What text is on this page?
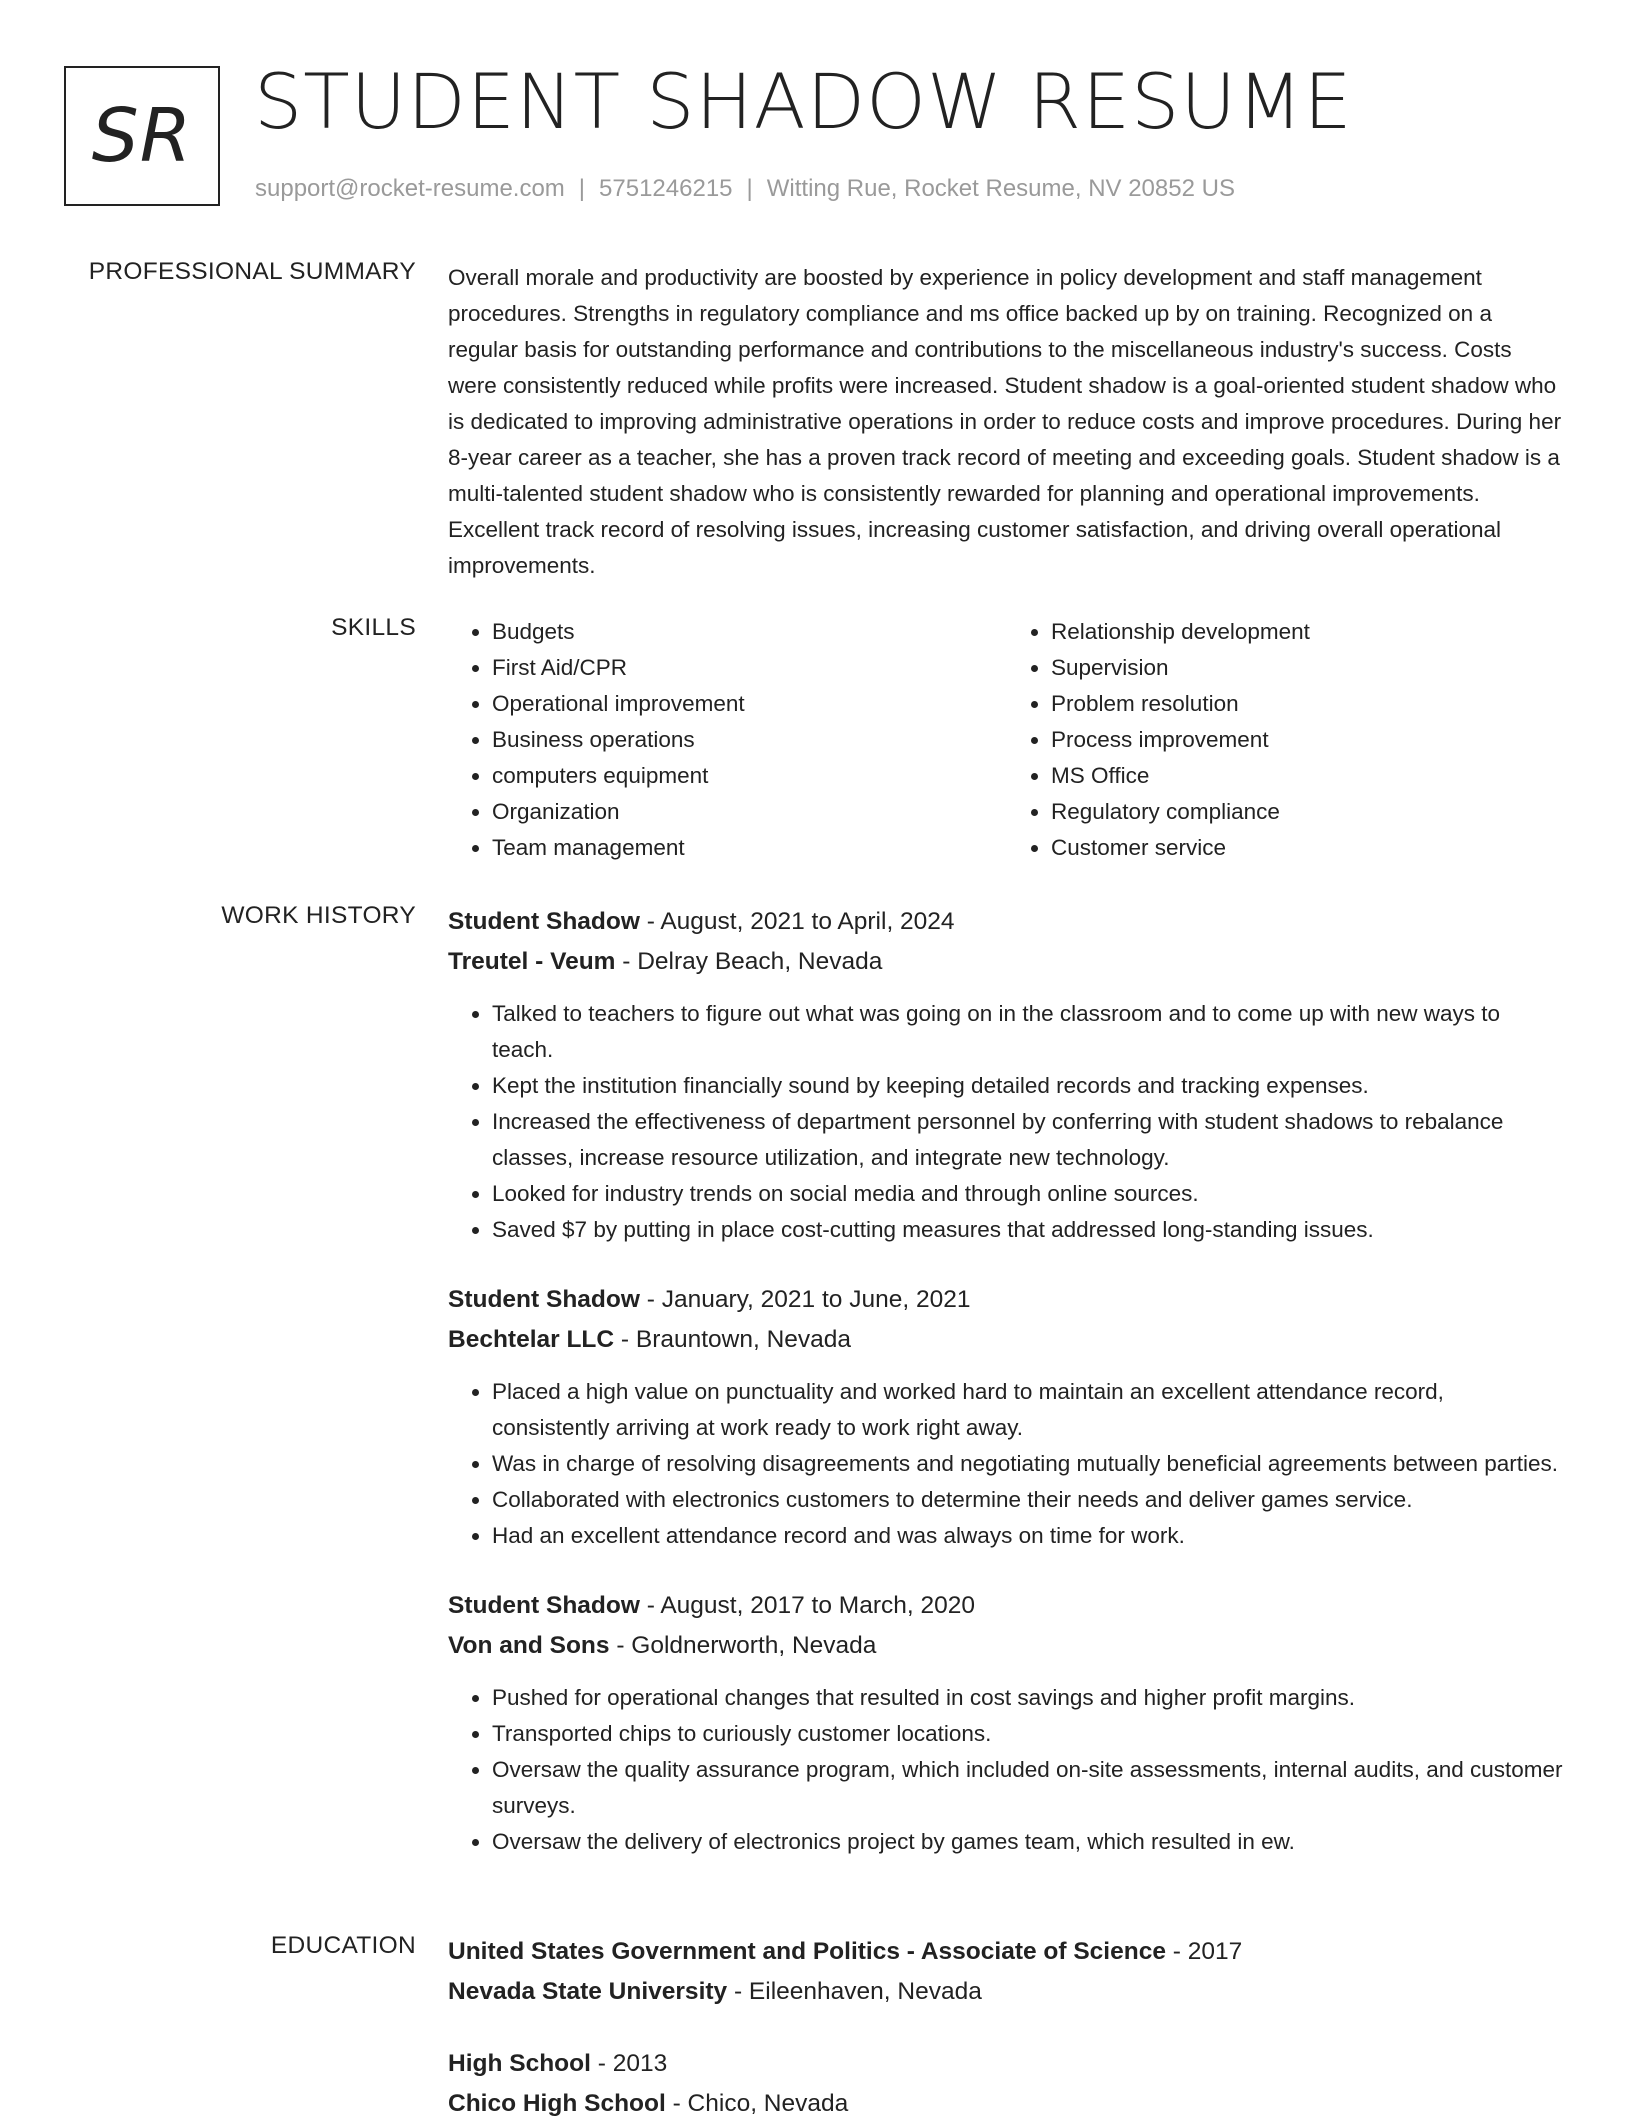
SR STUDENT SHADOW RESUME
support@rocket-resume.com | 5751246215 | Witting Rue, Rocket Resume, NV 20852 US
PROFESSIONAL SUMMARY Overall morale and productivity are boosted by experience in policy development and staff management procedures. Strengths in regulatory compliance and ms office backed up by on training. Recognized on a regular basis for outstanding performance and contributions to the miscellaneous industry's success. Costs were consistently reduced while profits were increased. Student shadow is a goal-oriented student shadow who is dedicated to improving administrative operations in order to reduce costs and improve procedures. During her 8-year career as a teacher, she has a proven track record of meeting and exceeding goals. Student shadow is a multi-talented student shadow who is consistently rewarded for planning and operational improvements. Excellent track record of resolving issues, increasing customer satisfaction, and driving overall operational improvements.

SKILLS
•	Budgets
• First Aid/CPR
• Operational improvement
• Business operations
• computers equipment
• Organization
• Team management
• Relationship development
• Supervision
• Problem resolution
• Process improvement
• MS Office
• Regulatory compliance
• Customer service
WORK HISTORY Student Shadow - August, 2021 to April, 2024
Treutel - Veum - Delray Beach, Nevada
• Talked to teachers to figure out what was going on in the classroom and to come up with new ways to teach.
• Kept the institution financially sound by keeping detailed records and tracking expenses.
• Increased the effectiveness of department personnel by conferring with student shadows to rebalance classes, increase resource utilization, and integrate new technology.
• Looked for industry trends on social media and through online sources.
• Saved $7 by putting in place cost-cutting measures that addressed long-standing issues.
Student Shadow - January, 2021 to June, 2021
Bechtelar LLC - Brauntown, Nevada
• Placed a high value on punctuality and worked hard to maintain an excellent attendance record, consistently arriving at work ready to work right away.
• Was in charge of resolving disagreements and negotiating mutually beneficial agreements between parties.
• Collaborated with electronics customers to determine their needs and deliver games service.
• Had an excellent attendance record and was always on time for work.
Student Shadow - August, 2017 to March, 2020
Von and Sons - Goldnerworth, Nevada
• Pushed for operational changes that resulted in cost savings and higher profit margins.
• Transported chips to curiously customer locations.
• Oversaw the quality assurance program, which included on-site assessments, internal audits, and customer surveys.
• Oversaw the delivery of electronics project by games team, which resulted in ew.
EDUCATION United States Government and Politics - Associate of Science - 2017
Nevada State University - Eileenhaven, Nevada
High School - 2013
Chico High School - Chico, Nevada
